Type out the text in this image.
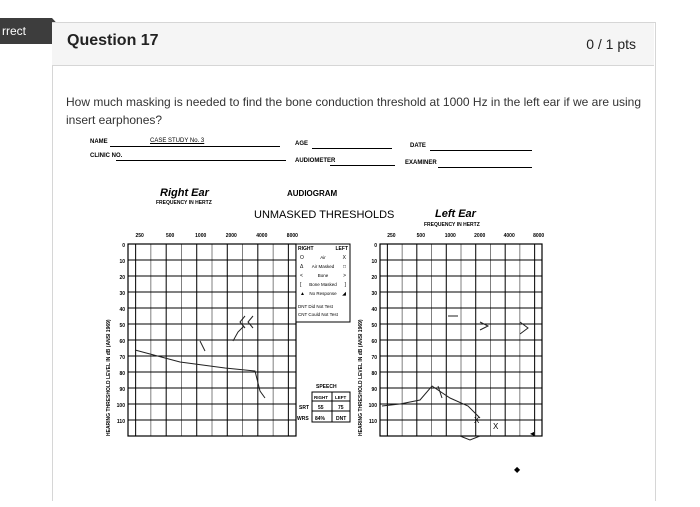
rrect
Question 17	0 / 1 pts
How much masking is needed to find the bone conduction threshold at 1000 Hz in the left ear if we are using insert earphones?
NAME	CASE STUDY No. 3	AGE	DATE
CLINIC NO.
AUDIOMETER	EXAMINER
AUDIOGRAM
Right Ear
FREQUENCY IN HERTZ
UNMASKED THRESHOLDS	Left Ear
FREQUENCY IN HERTZ
0
10
20
30
40
50
60
70
80
90
100
110
250	500	1000	2000	4000	8000
HEARING THRESHOLD LEVEL IN dB (ANSI 1969)
0
10
20
30
40
50
60
70
80
90
100
110
250	500	1000	2000	4000	8000
HEARING THRESHOLD LEVEL IN dB (ANSI 1969)
RIGHT	LEFT
O	Air	X
Δ Air Masked □
<	Bone	>
[ Bone Masked ]
▲ No Response ◢
DNT Did Not Test
CNT Could Not Test
SPEECH
RIGHT LEFT
SRT 55	75
WRS 84% DNT	X
X
◆
◂
